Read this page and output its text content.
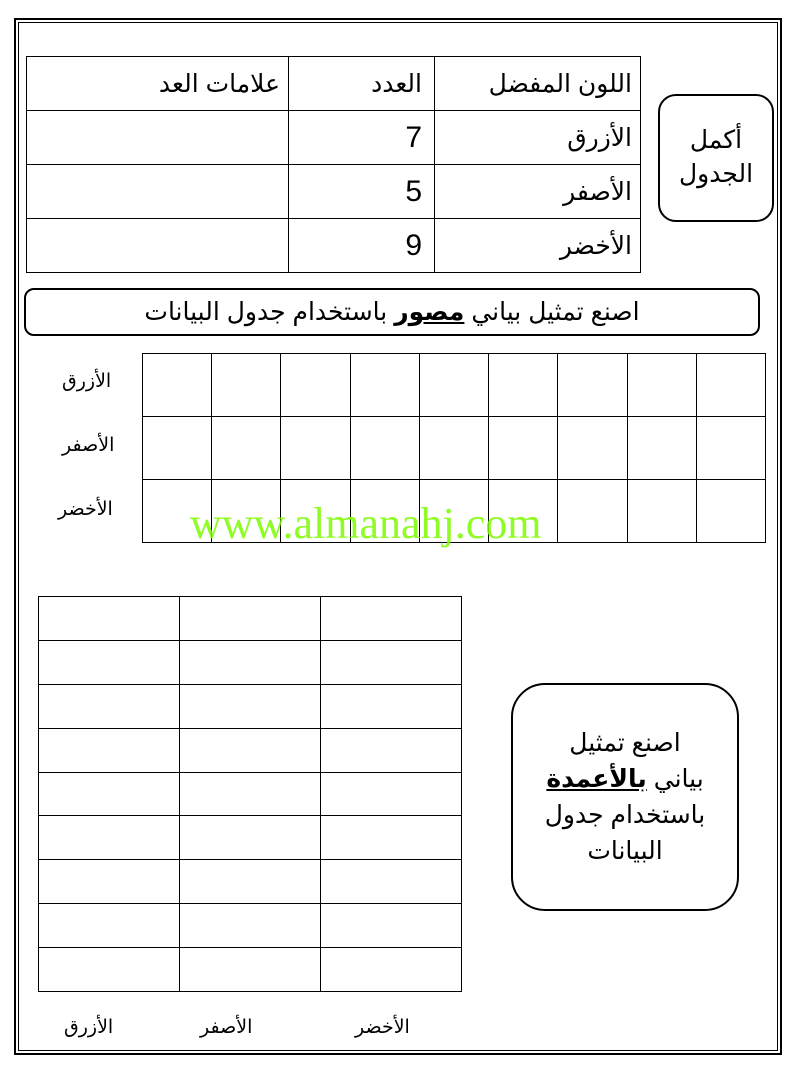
اللون المفضل	العدد	علامات العد
الأزرق	7	
الأصفر	5	
الأخضر	9	
أكمل
الجدول
اصنع تمثيل بياني

مصور

باستخدام جدول البيانات
الأزرق
الأصفر
الأخضر

								www.almanahj.com

اصنع تمثيل
بياني بالأعمدة
باستخدام جدول
البيانات
الأزرق	الأصفر	الأخضر
